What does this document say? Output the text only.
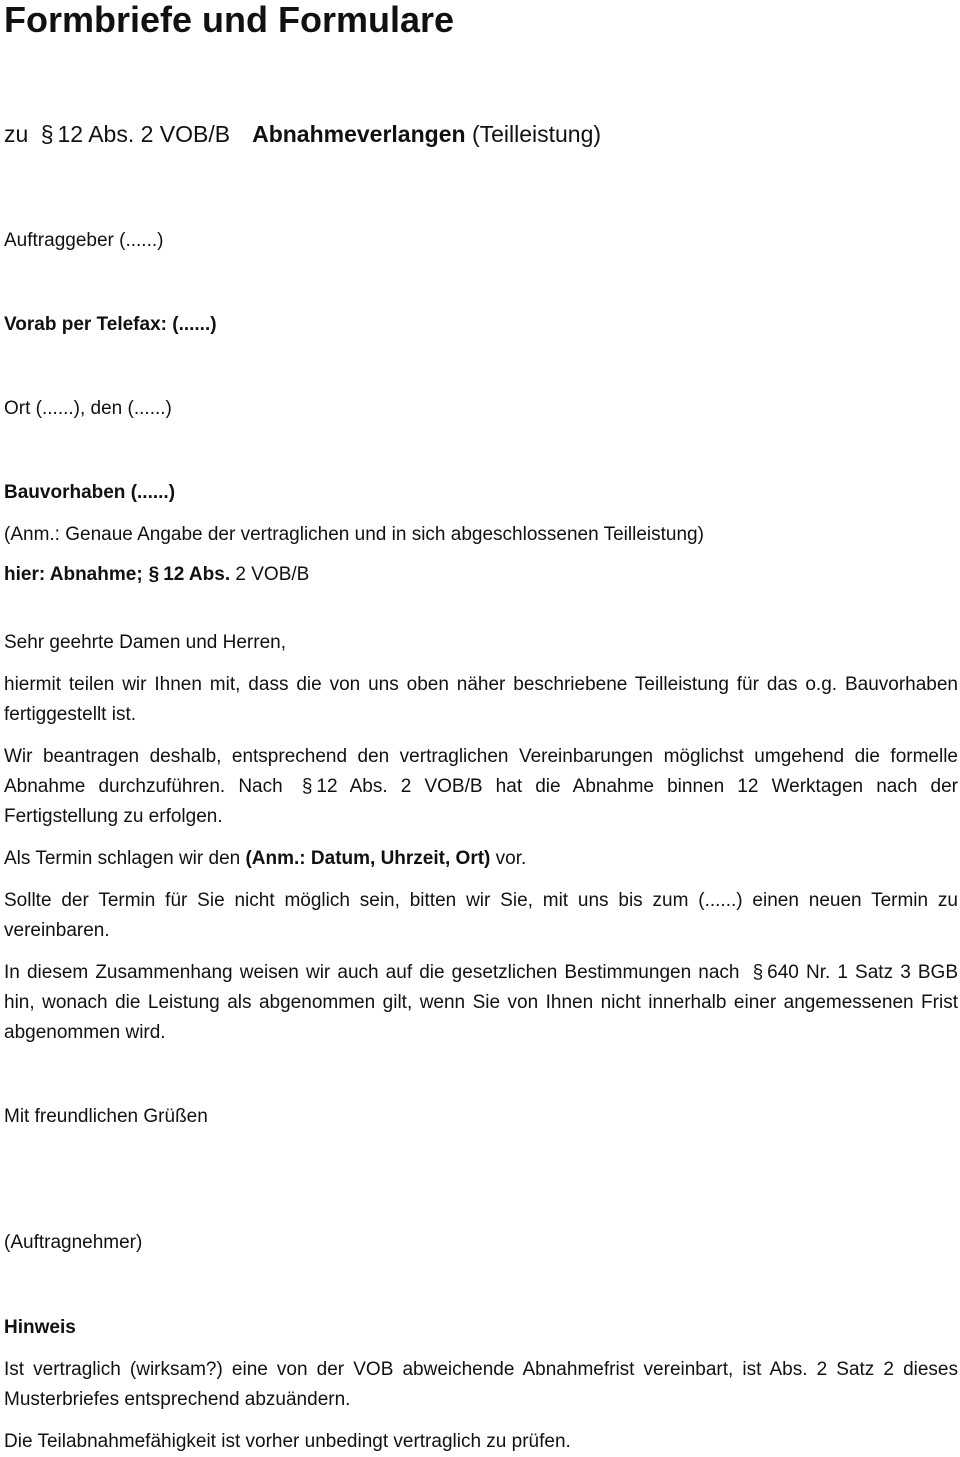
Formbriefe und Formulare
zu § 12 Abs. 2 VOB/B Abnahmeverlangen (Teilleistung)
Auftraggeber (......)
Vorab per Telefax: (......)
Ort (......), den (......)
Bauvorhaben (......)
(Anm.: Genaue Angabe der vertraglichen und in sich abgeschlossenen Teilleistung)
hier: Abnahme; § 12 Abs. 2 VOB/B
Sehr geehrte Damen und Herren,
hiermit teilen wir Ihnen mit, dass die von uns oben näher beschriebene Teilleistung für das o.g. Bauvorhaben fertiggestellt ist.
Wir beantragen deshalb, entsprechend den vertraglichen Vereinbarungen möglichst umgehend die formelle Abnahme durchzuführen. Nach § 12 Abs. 2 VOB/B hat die Abnahme binnen 12 Werktagen nach der Fertigstellung zu erfolgen.
Als Termin schlagen wir den (Anm.: Datum, Uhrzeit, Ort) vor.
Sollte der Termin für Sie nicht möglich sein, bitten wir Sie, mit uns bis zum (......) einen neuen Termin zu vereinbaren.
In diesem Zusammenhang weisen wir auch auf die gesetzlichen Bestimmungen nach § 640 Nr. 1 Satz 3 BGB hin, wonach die Leistung als abgenommen gilt, wenn Sie von Ihnen nicht innerhalb einer angemessenen Frist abgenommen wird.
Mit freundlichen Grüßen
(Auftragnehmer)
Hinweis
Ist vertraglich (wirksam?) eine von der VOB abweichende Abnahmefrist vereinbart, ist Abs. 2 Satz 2 dieses Musterbriefes entsprechend abzuändern.
Die Teilabnahmefähigkeit ist vorher unbedingt vertraglich zu prüfen.
